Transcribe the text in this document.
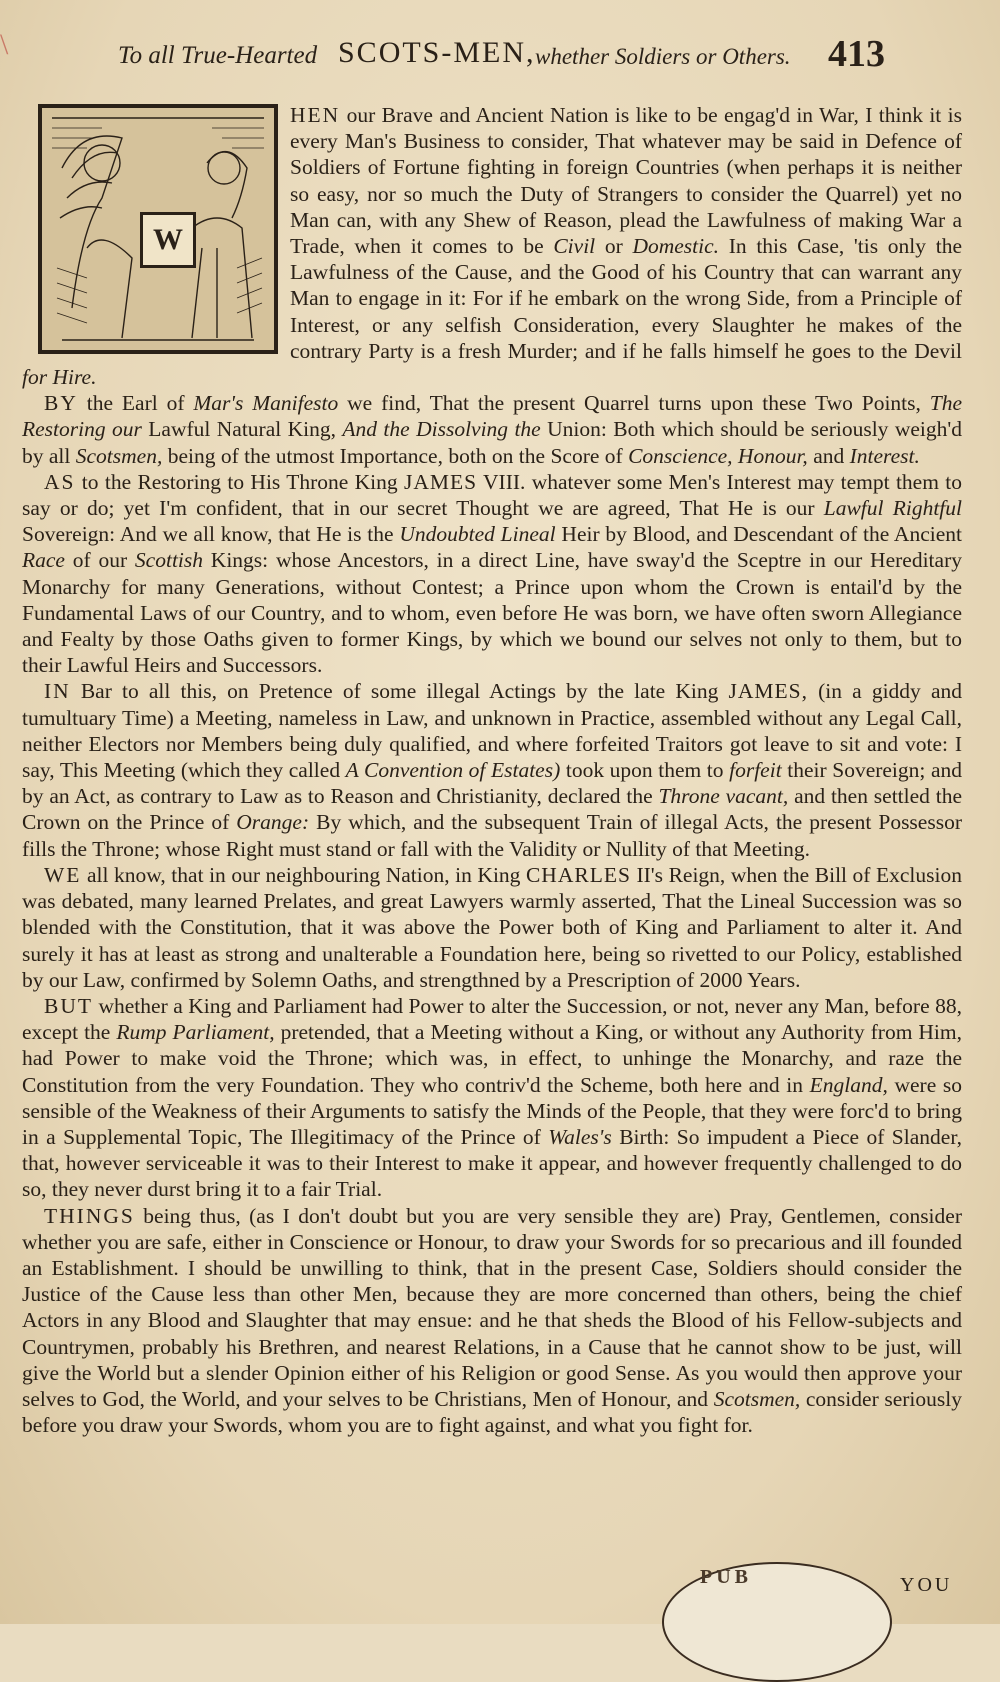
\	To all True-Hearted SCOTS-MEN, whether Soldiers or Others. 413
W

HEN our Brave and Ancient Nation is like to be engag'd in War, I think it is every Man's Business to consider, That whatever may be said in Defence of Soldiers of Fortune fighting in foreign Countries (when perhaps it is neither so easy, nor so much the Duty of Strangers to consider the Quarrel) yet no Man can, with any Shew of Reason, plead the Lawfulness of making War a Trade, when it comes to be Civil or Domestic. In this Case, 'tis only the Lawfulness of the Cause, and the Good of his Country that can warrant any Man to engage in it: For if he embark on the wrong Side, from a Principle of Interest, or any selfish Consideration, every Slaughter he makes of the contrary Party is a fresh Murder; and if he falls himself he goes to the Devil for Hire.

BY the Earl of Mar's Manifesto we find, That the present Quarrel turns upon these Two Points, The Restoring our Lawful Natural King, And the Dissolving the Union: Both which should be seriously weigh'd by all Scotsmen, being of the utmost Importance, both on the Score of Conscience, Honour, and Interest.

AS to the Restoring to His Throne King JAMES VIII. whatever some Men's Interest may tempt them to say or do; yet I'm confident, that in our secret Thought we are agreed, That He is our Lawful Rightful Sovereign: And we all know, that He is the Undoubted Lineal Heir by Blood, and Descendant of the Ancient Race of our Scottish Kings: whose Ancestors, in a direct Line, have sway'd the Sceptre in our Hereditary Monarchy for many Generations, without Contest; a Prince upon whom the Crown is entail'd by the Fundamental Laws of our Country, and to whom, even before He was born, we have often sworn Allegiance and Fealty by those Oaths given to former Kings, by which we bound our selves not only to them, but to their Lawful Heirs and Successors.

IN Bar to all this, on Pretence of some illegal Actings by the late King JAMES, (in a giddy and tumultuary Time) a Meeting, nameless in Law, and unknown in Practice, assembled without any Legal Call, neither Electors nor Members being duly qualified, and where forfeited Traitors got leave to sit and vote: I say, This Meeting (which they called A Convention of Estates) took upon them to forfeit their Sovereign; and by an Act, as contrary to Law as to Reason and Christianity, declared the Throne vacant, and then settled the Crown on the Prince of Orange: By which, and the subsequent Train of illegal Acts, the present Possessor fills the Throne; whose Right must stand or fall with the Validity or Nullity of that Meeting.

WE all know, that in our neighbouring Nation, in King CHARLES II's Reign, when the Bill of Exclusion was debated, many learned Prelates, and great Lawyers warmly asserted, That the Lineal Succession was so blended with the Constitution, that it was above the Power both of King and Parliament to alter it. And surely it has at least as strong and unalterable a Foundation here, being so rivetted to our Policy, established by our Law, confirmed by Solemn Oaths, and strengthned by a Prescription of 2000 Years.

BUT whether a King and Parliament had Power to alter the Succession, or not, never any Man, before 88, except the Rump Parliament, pretended, that a Meeting without a King, or without any Authority from Him, had Power to make void the Throne; which was, in effect, to unhinge the Monarchy, and raze the Constitution from the very Foundation. They who contriv'd the Scheme, both here and in England, were so sensible of the Weakness of their Arguments to satisfy the Minds of the People, that they were forc'd to bring in a Supplemental Topic, The Illegitimacy of the Prince of Wales's Birth: So impudent a Piece of Slander, that, however serviceable it was to their Interest to make it appear, and however frequently challenged to do so, they never durst bring it to a fair Trial.

THINGS being thus, (as I don't doubt but you are very sensible they are) Pray, Gentlemen, consider whether you are safe, either in Conscience or Honour, to draw your Swords for so precarious and ill founded an Establishment. I should be unwilling to think, that in the present Case, Soldiers should consider the Justice of the Cause less than other Men, because they are more concerned than others, being the chief Actors in any Blood and Slaughter that may ensue: and he that sheds the Blood of his Fellow-subjects and Countrymen, probably his Brethren, and nearest Relations, in a Cause that he cannot show to be just, will give the World but a slender Opinion either of his Religion or good Sense. As you would then approve your selves to God, the World, and your selves to be Christians, Men of Honour, and Scotsmen, consider seriously before you draw your Swords, whom you are to fight against, and what you fight for.

PUB	YOU
